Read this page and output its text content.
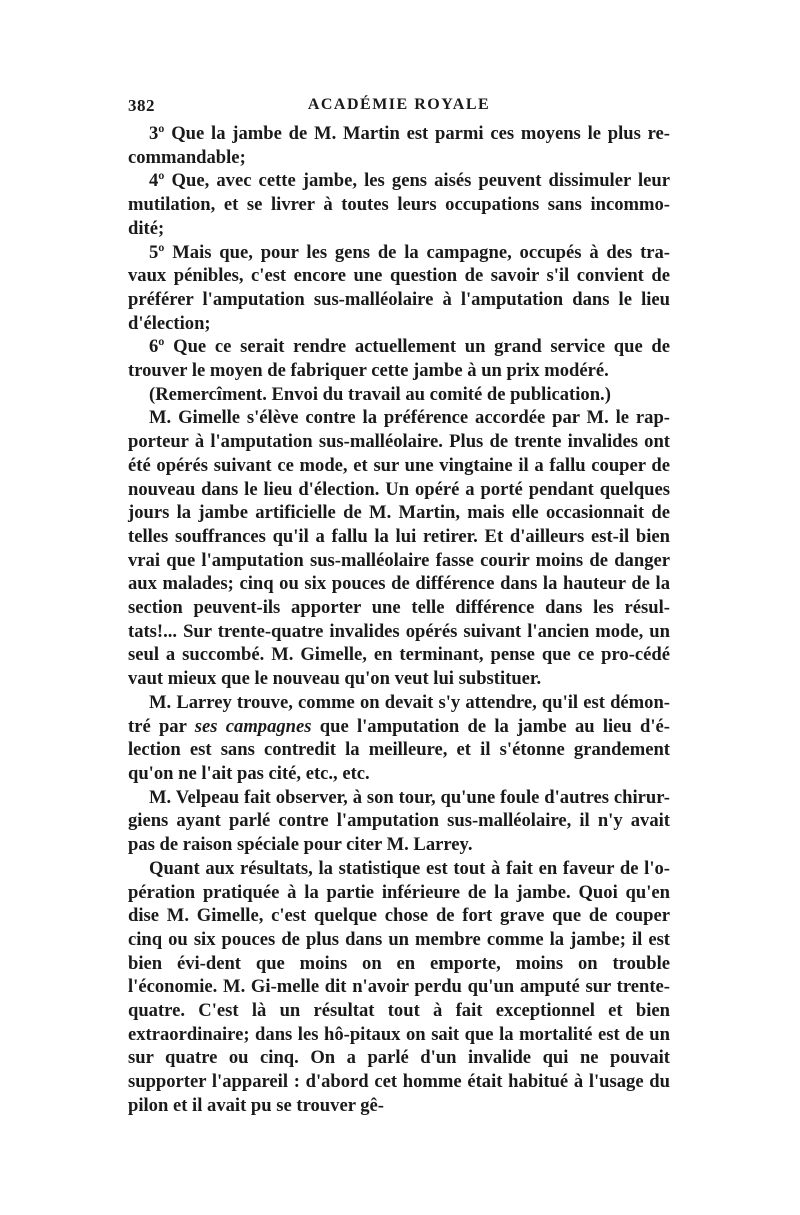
382	ACADÉMIE ROYALE

3º Que la jambe de M. Martin est parmi ces moyens le plus re-commandable;

4º Que, avec cette jambe, les gens aisés peuvent dissimuler leur mutilation, et se livrer à toutes leurs occupations sans incommo-dité;

5º Mais que, pour les gens de la campagne, occupés à des tra-vaux pénibles, c'est encore une question de savoir s'il convient de préférer l'amputation sus-malléolaire à l'amputation dans le lieu d'élection;

6º Que ce serait rendre actuellement un grand service que de trouver le moyen de fabriquer cette jambe à un prix modéré.

(Remercîment. Envoi du travail au comité de publication.)

M. Gimelle s'élève contre la préférence accordée par M. le rap-porteur à l'amputation sus-malléolaire. Plus de trente invalides ont été opérés suivant ce mode, et sur une vingtaine il a fallu couper de nouveau dans le lieu d'élection. Un opéré a porté pendant quelques jours la jambe artificielle de M. Martin, mais elle occasionnait de telles souffrances qu'il a fallu la lui retirer. Et d'ailleurs est-il bien vrai que l'amputation sus-malléolaire fasse courir moins de danger aux malades; cinq ou six pouces de différence dans la hauteur de la section peuvent-ils apporter une telle différence dans les résul-tats!... Sur trente-quatre invalides opérés suivant l'ancien mode, un seul a succombé. M. Gimelle, en terminant, pense que ce pro-cédé vaut mieux que le nouveau qu'on veut lui substituer.

M. Larrey trouve, comme on devait s'y attendre, qu'il est démon-tré par ses campagnes que l'amputation de la jambe au lieu d'é-lection est sans contredit la meilleure, et il s'étonne grandement qu'on ne l'ait pas cité, etc., etc.

M. Velpeau fait observer, à son tour, qu'une foule d'autres chirur-giens ayant parlé contre l'amputation sus-malléolaire, il n'y avait pas de raison spéciale pour citer M. Larrey.

Quant aux résultats, la statistique est tout à fait en faveur de l'o-pération pratiquée à la partie inférieure de la jambe. Quoi qu'en dise M. Gimelle, c'est quelque chose de fort grave que de couper cinq ou six pouces de plus dans un membre comme la jambe; il est bien évi-dent que moins on en emporte, moins on trouble l'économie. M. Gi-melle dit n'avoir perdu qu'un amputé sur trente-quatre. C'est là un résultat tout à fait exceptionnel et bien extraordinaire; dans les hô-pitaux on sait que la mortalité est de un sur quatre ou cinq. On a parlé d'un invalide qui ne pouvait supporter l'appareil : d'abord cet homme était habitué à l'usage du pilon et il avait pu se trouver gê-
